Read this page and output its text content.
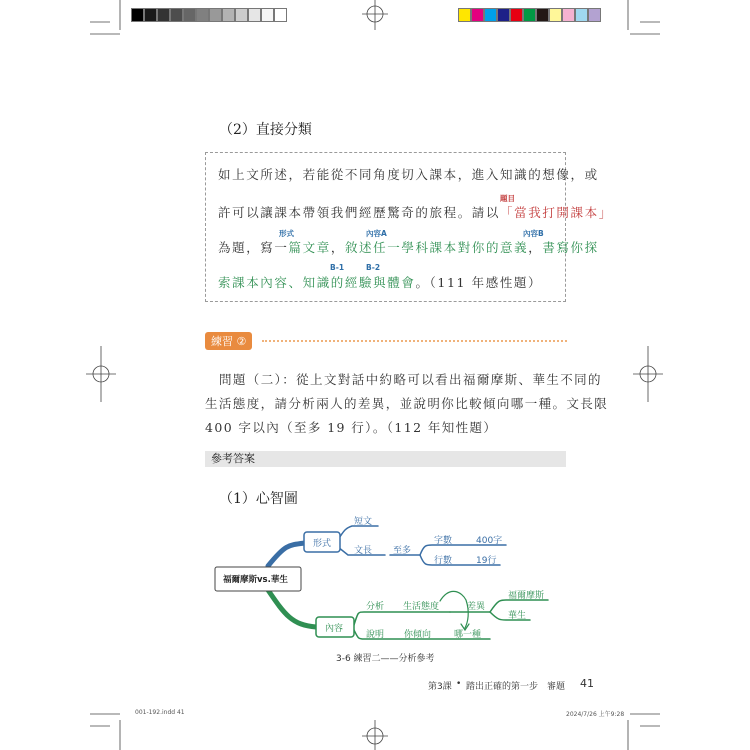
（2）直接分類
如上文所述，若能從不同角度切入課本，進入知識的想像，或
題目
許可以讓課本帶領我們經歷驚奇的旅程。請以「當我打開課本」
形式	內容A	內容B
為題，寫一篇文章，敘述任一學科課本對你的意義，書寫你探
B-1	B-2
索課本內容、知識的經驗與體會。（111 年感性題）
練習 ②
問題（二）：從上文對話中約略可以看出福爾摩斯、華生不同的
生活態度，請分析兩人的差異，並說明你比較傾向哪一種。文長限
400 字以內（至多 19 行）。（112 年知性題）
參考答案
（1）心智圖
福爾摩斯vs.華生
形式
短文
文長 至多
字數	400字
行數	19行
內容
分析 生活態度	差異
福爾摩斯
華生
說明 你傾向	哪一種
3-6 練習二——分析參考
第3課 • 踏出正確的第一步　審題 41
001-192.indd 41	2024/7/26 上午9:28
